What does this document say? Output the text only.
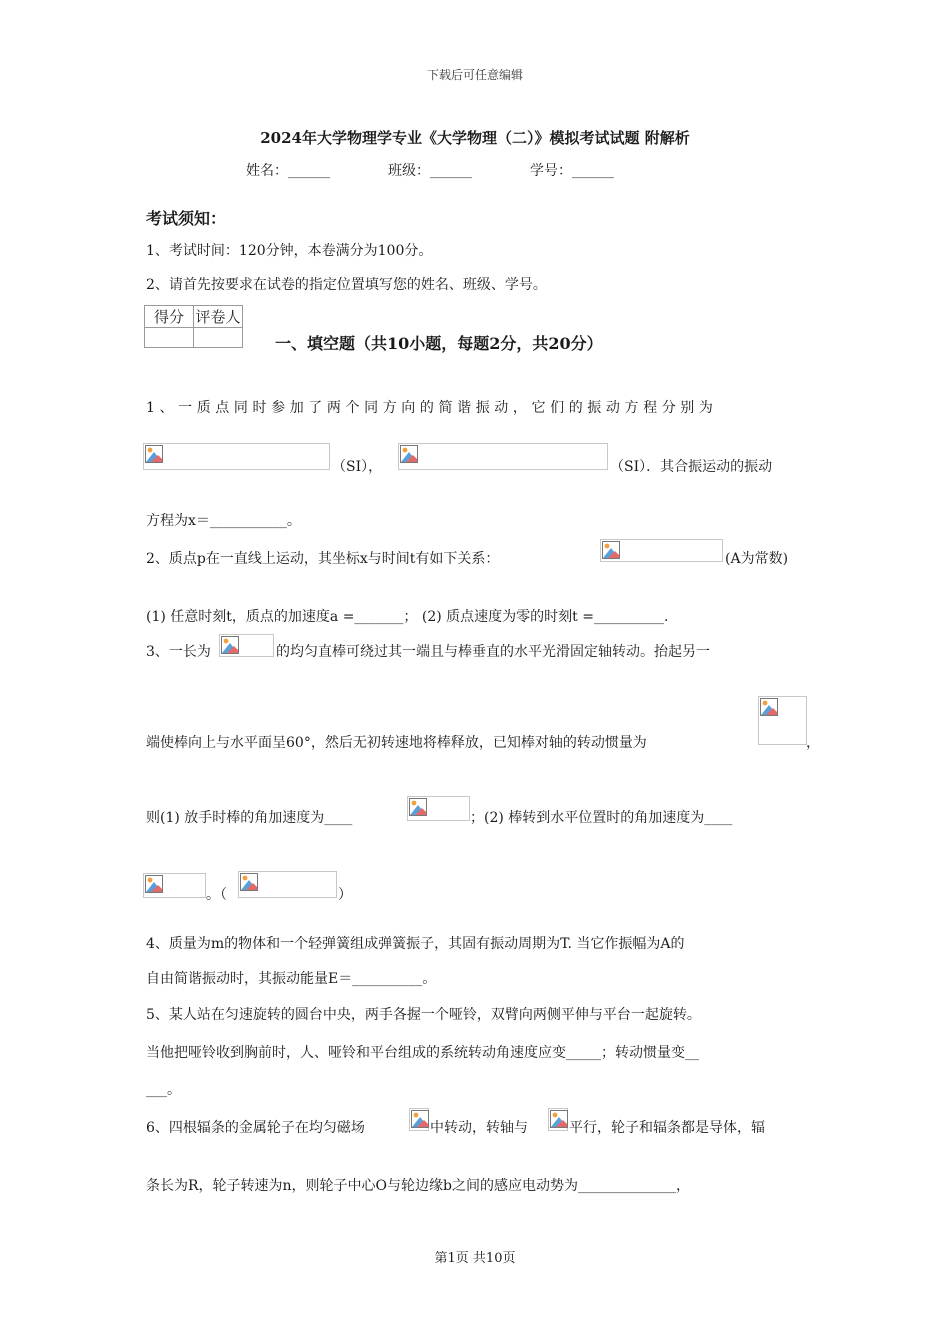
下载后可任意编辑
2024年大学物理学专业《大学物理（二）》模拟考试试题 附解析
姓名：______	班级：______	学号：______
考试须知：
1、考试时间：120分钟，本卷满分为100分。
2、请首先按要求在试卷的指定位置填写您的姓名、班级、学号。
得分	评卷人

一、填空题（共10小题，每题2分，共20分）
1、一质点同时参加了两个同方向的简谐振动，它们的振动方程分别为
（SI），	（SI）．其合振运动的振动
方程为x＝___________。
2、质点p在一直线上运动，其坐标x与时间t有如下关系：	(A为常数)
(1) 任意时刻t，质点的加速度a =_______； (2) 质点速度为零的时刻t =__________.
3、一长为	的均匀直棒可绕过其一端且与棒垂直的水平光滑固定轴转动。抬起另一
端使棒向上与水平面呈60°，然后无初转速地将棒释放，已知棒对轴的转动惯量为	，
则(1) 放手时棒的角加速度为____	；(2) 棒转到水平位置时的角加速度为____
。（	）
4、质量为m的物体和一个轻弹簧组成弹簧振子，其固有振动周期为T. 当它作振幅为A的
自由简谐振动时，其振动能量E＝__________。
5、某人站在匀速旋转的圆台中央，两手各握一个哑铃，双臂向两侧平伸与平台一起旋转。
当他把哑铃收到胸前时，人、哑铃和平台组成的系统转动角速度应变_____；转动惯量变__
___。
6、四根辐条的金属轮子在均匀磁场	中转动，转轴与	平行，轮子和辐条都是导体，辐
条长为R，轮子转速为n，则轮子中心O与轮边缘b之间的感应电动势为______________，
第1页 共10页
